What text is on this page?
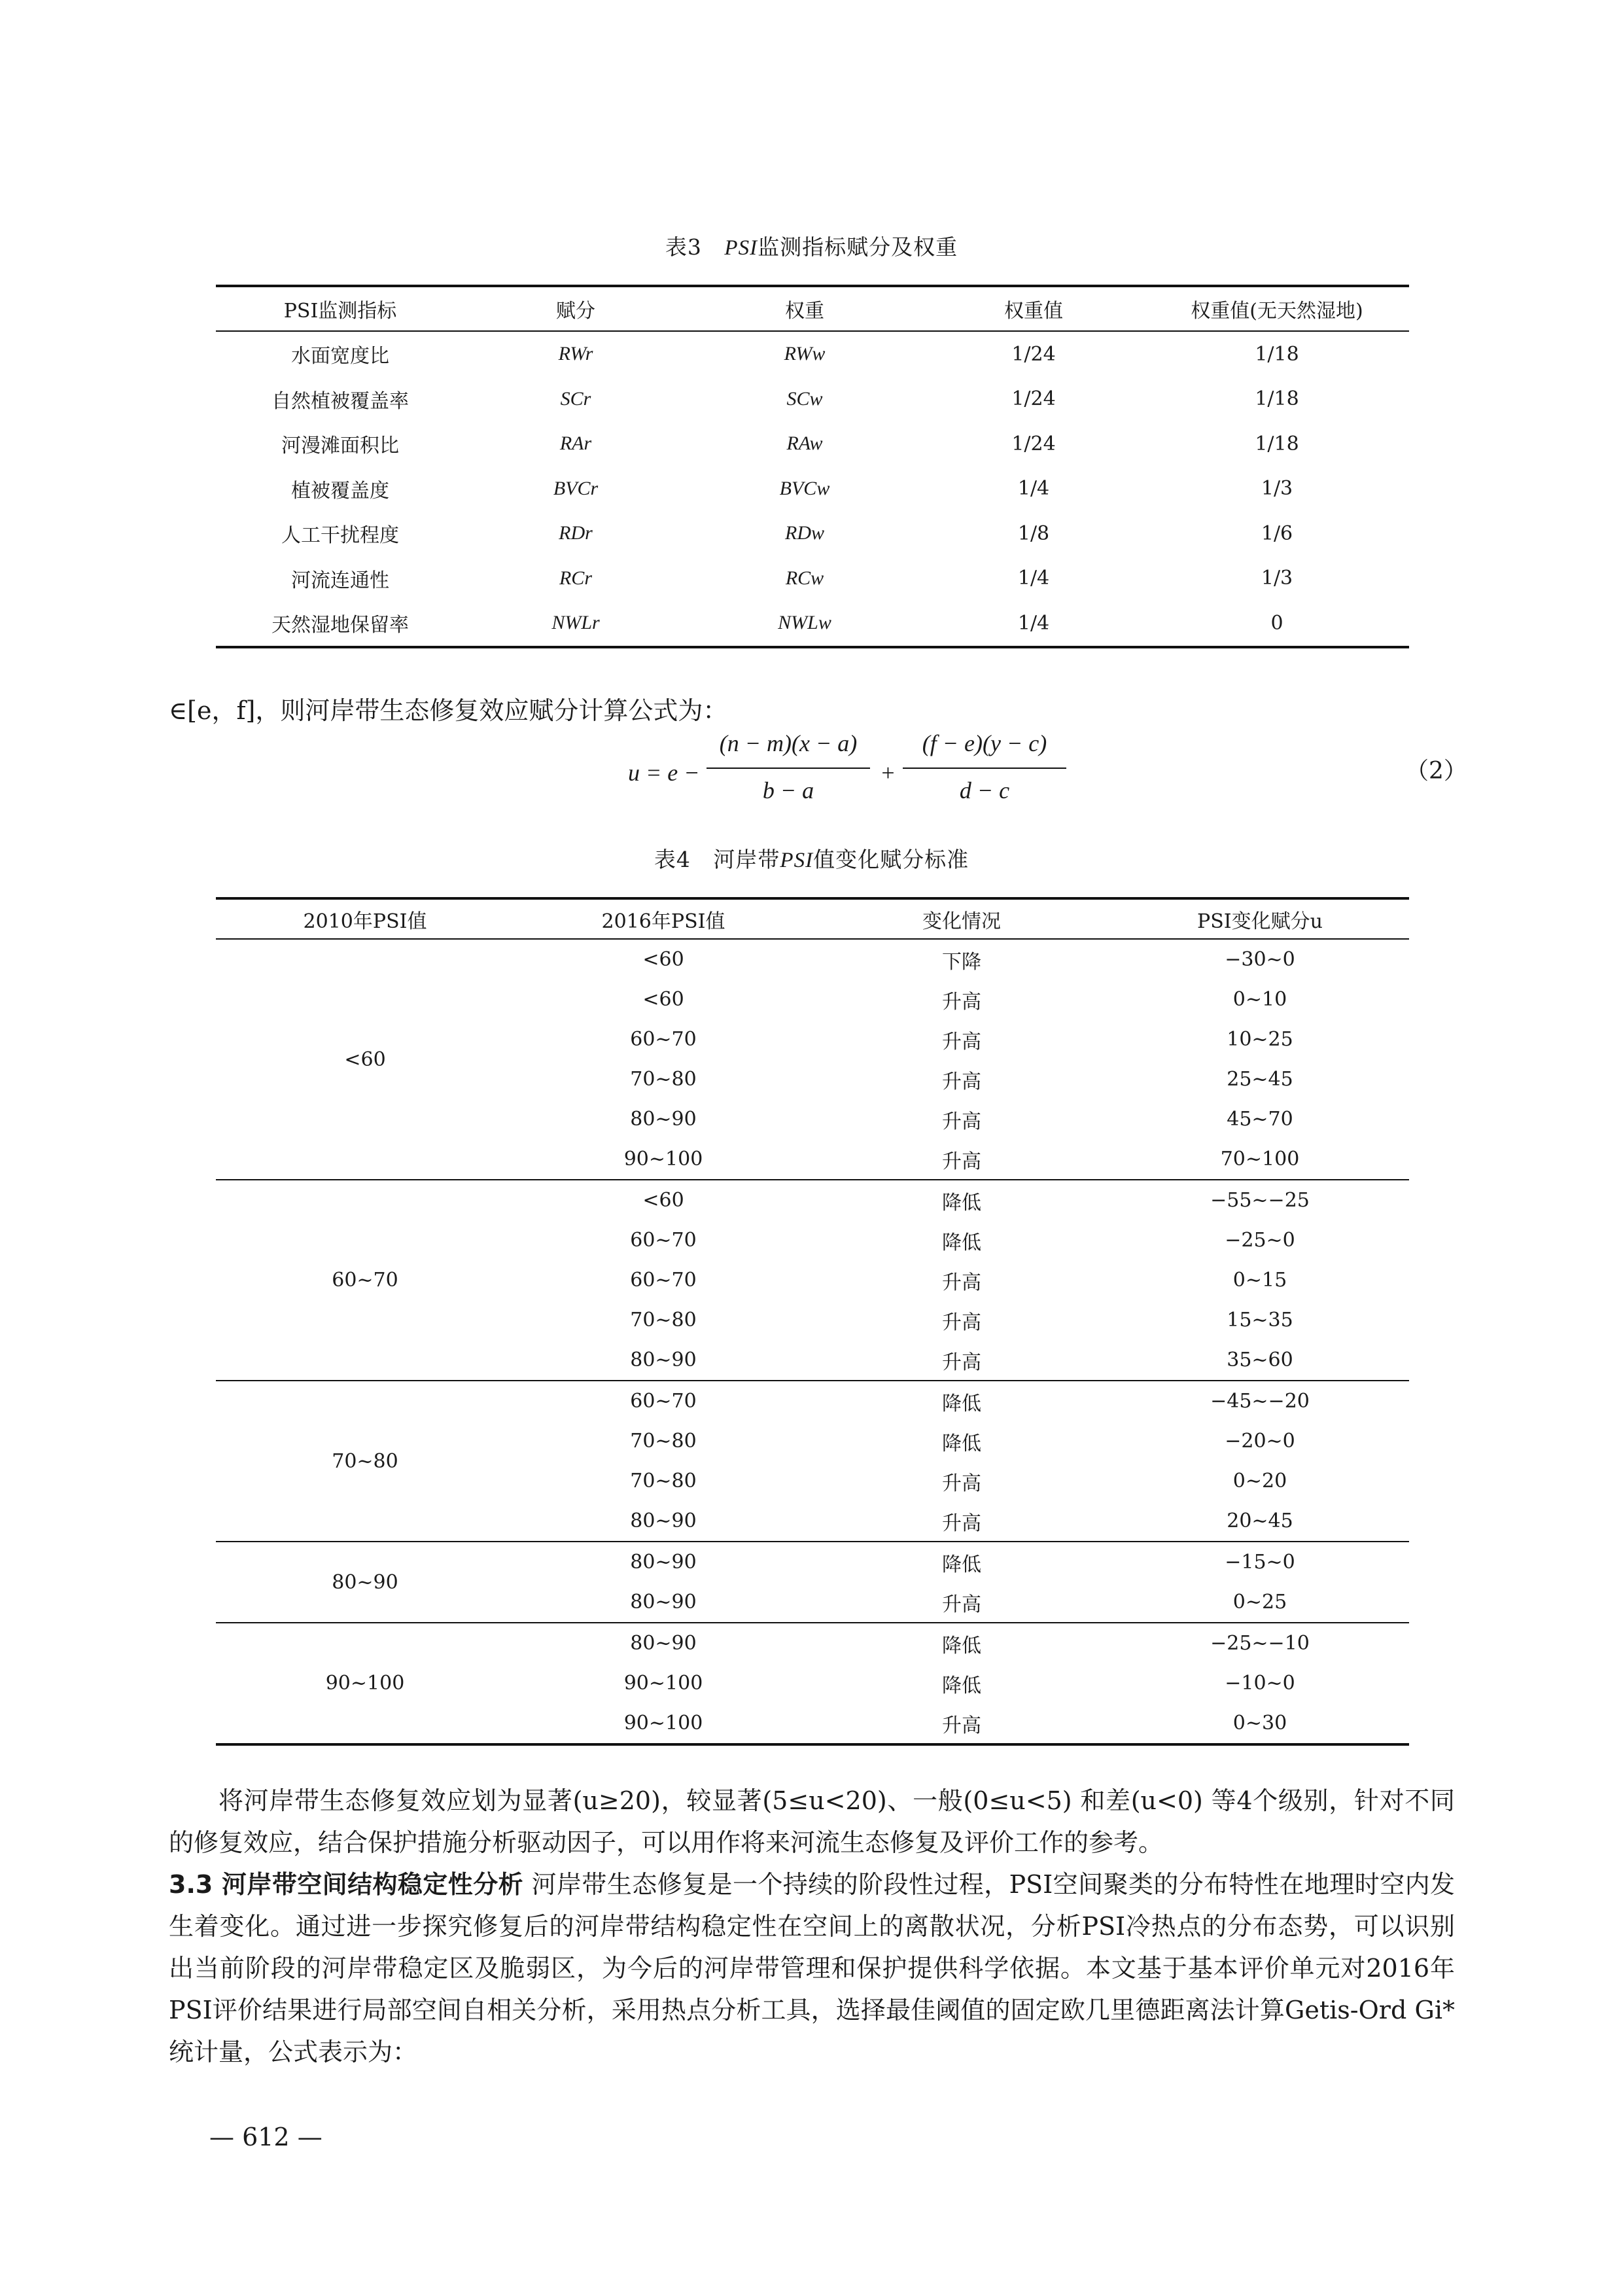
表3 PSI监测指标赋分及权重
PSI监测指标	赋分	权重	权重值	权重值(无天然湿地)
水面宽度比	RWr	RWw	1/24	1/18
自然植被覆盖率	SCr	SCw	1/24	1/18
河漫滩面积比	RAr	RAw	1/24	1/18
植被覆盖度	BVCr	BVCw	1/4	1/3
人工干扰程度	RDr	RDw	1/8	1/6
河流连通性	RCr	RCw	1/4	1/3
天然湿地保留率	NWLr	NWLw	1/4	0
∈[e，f]，则河岸带生态修复效应赋分计算公式为：
u = e −
(n − m)(x − a)
b − a
+
(f − e)(y − c)
d − c
（2）
表4 河岸带PSI值变化赋分标准
2010年PSI值	2016年PSI值	变化情况	PSI变化赋分u
<60	<60	下降	−30~0
	<60	升高	0~10
	60~70	升高	10~25
	70~80	升高	25~45
	80~90	升高	45~70
	90~100	升高	70~100
60~70	<60	降低	−55~−25
	60~70	降低	−25~0
	60~70	升高	0~15
	70~80	升高	15~35
	80~90	升高	35~60
70~80	60~70	降低	−45~−20
	70~80	降低	−20~0
	70~80	升高	0~20
	80~90	升高	20~45
80~90	80~90	降低	−15~0
	80~90	升高	0~25
90~100	80~90	降低	−25~−10
	90~100	降低	−10~0
	90~100	升高	0~30

将河岸带生态修复效应划为显著(u≥20)，较显著(5≤u<20)、一般(0≤u<5) 和差(u<0) 等4个级别，针对不同的修复效应，结合保护措施分析驱动因子，可以用作将来河流生态修复及评价工作的参考。

3.3 河岸带空间结构稳定性分析 河岸带生态修复是一个持续的阶段性过程，PSI空间聚类的分布特性在地理时空内发生着变化。通过进一步探究修复后的河岸带结构稳定性在空间上的离散状况，分析PSI冷热点的分布态势，可以识别出当前阶段的河岸带稳定区及脆弱区，为今后的河岸带管理和保护提供科学依据。本文基于基本评价单元对2016年PSI评价结果进行局部空间自相关分析，采用热点分析工具，选择最佳阈值的固定欧几里德距离法计算Getis-Ord Gi*统计量，公式表示为：

— 612 —
